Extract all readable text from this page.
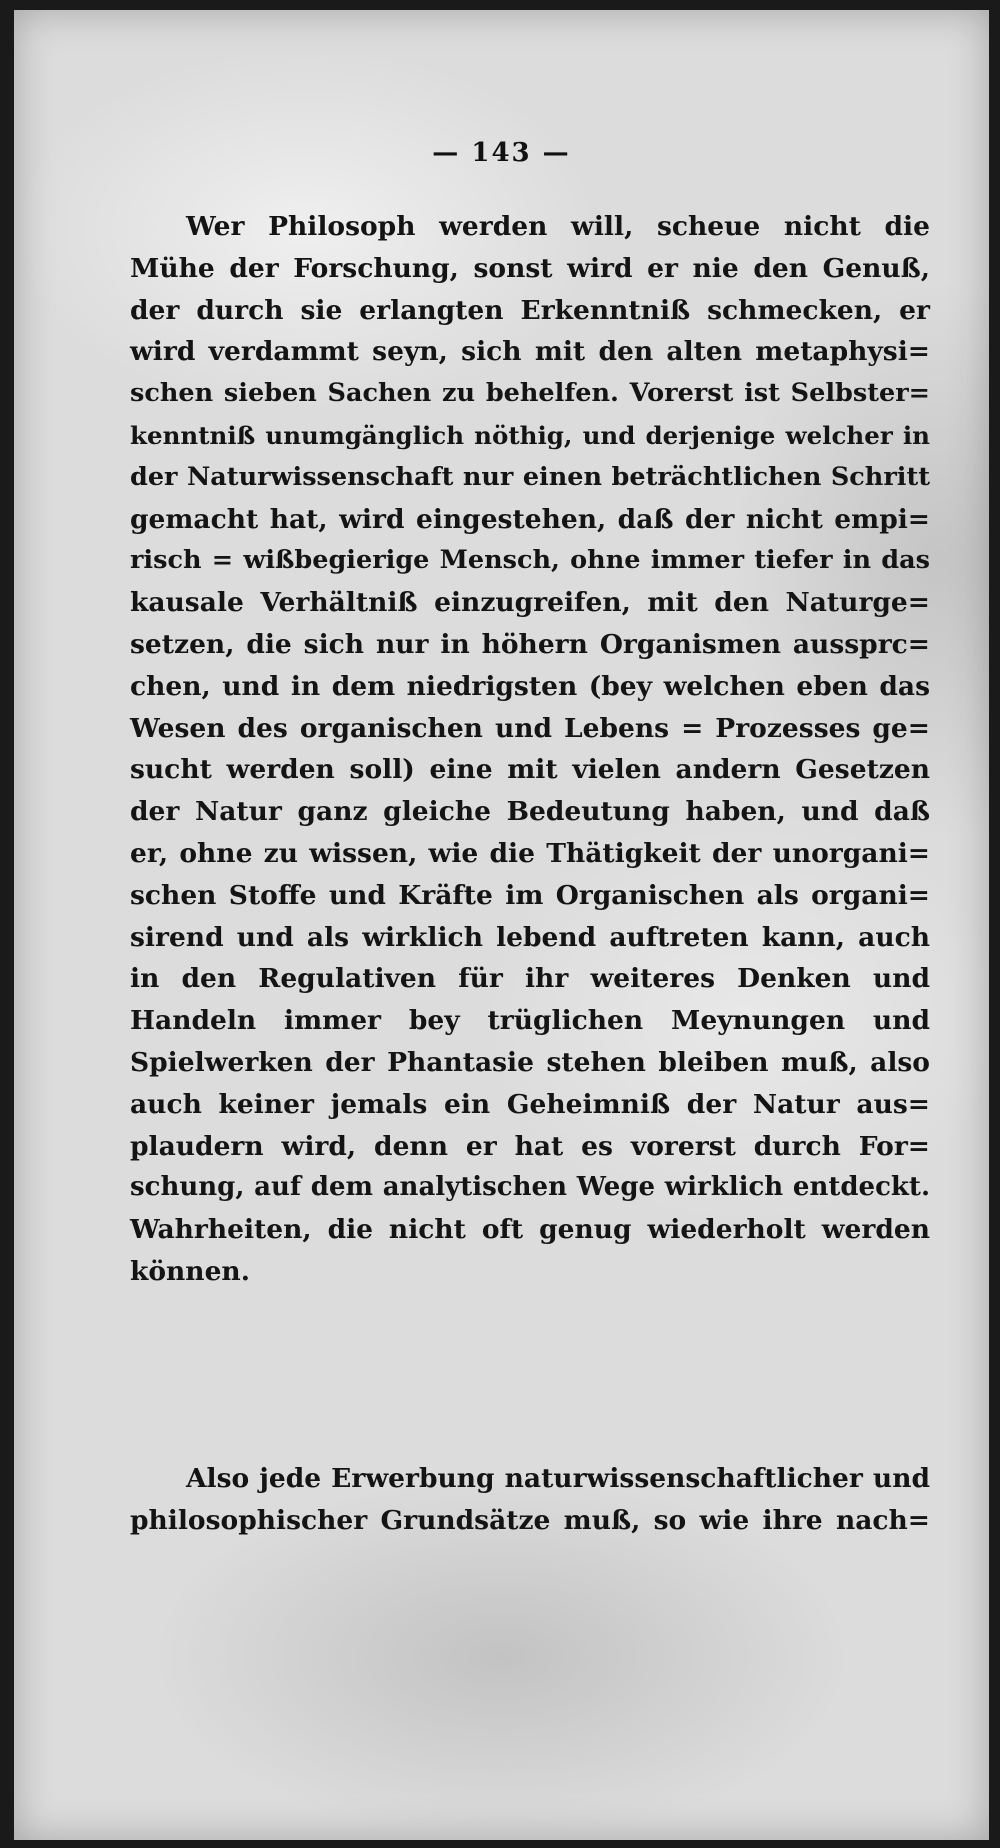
— 143 —
Wer Philosoph werden will, scheue nicht die
Mühe der Forschung, sonst wird er nie den Genuß,
der durch sie erlangten Erkenntniß schmecken, er
wird verdammt seyn, sich mit den alten metaphysi=
schen sieben Sachen zu behelfen. Vorerst ist Selbster=
kenntniß unumgänglich nöthig, und derjenige welcher in
der Naturwissenschaft nur einen beträchtlichen Schritt
gemacht hat, wird eingestehen, daß der nicht empi=
risch = wißbegierige Mensch, ohne immer tiefer in das
kausale Verhältniß einzugreifen, mit den Naturge=
setzen, die sich nur in höhern Organismen aussprc=
chen, und in dem niedrigsten (bey welchen eben das
Wesen des organischen und Lebens = Prozesses ge=
sucht werden soll) eine mit vielen andern Gesetzen
der Natur ganz gleiche Bedeutung haben, und daß
er, ohne zu wissen, wie die Thätigkeit der unorgani=
schen Stoffe und Kräfte im Organischen als organi=
sirend und als wirklich lebend auftreten kann, auch
in den Regulativen für ihr weiteres Denken und
Handeln immer bey trüglichen Meynungen und
Spielwerken der Phantasie stehen bleiben muß, also
auch keiner jemals ein Geheimniß der Natur aus=
plaudern wird, denn er hat es vorerst durch For=
schung, auf dem analytischen Wege wirklich entdeckt.
Wahrheiten, die nicht oft genug wiederholt werden
können.
Also jede Erwerbung naturwissenschaftlicher und
philosophischer Grundsätze muß, so wie ihre nach=
